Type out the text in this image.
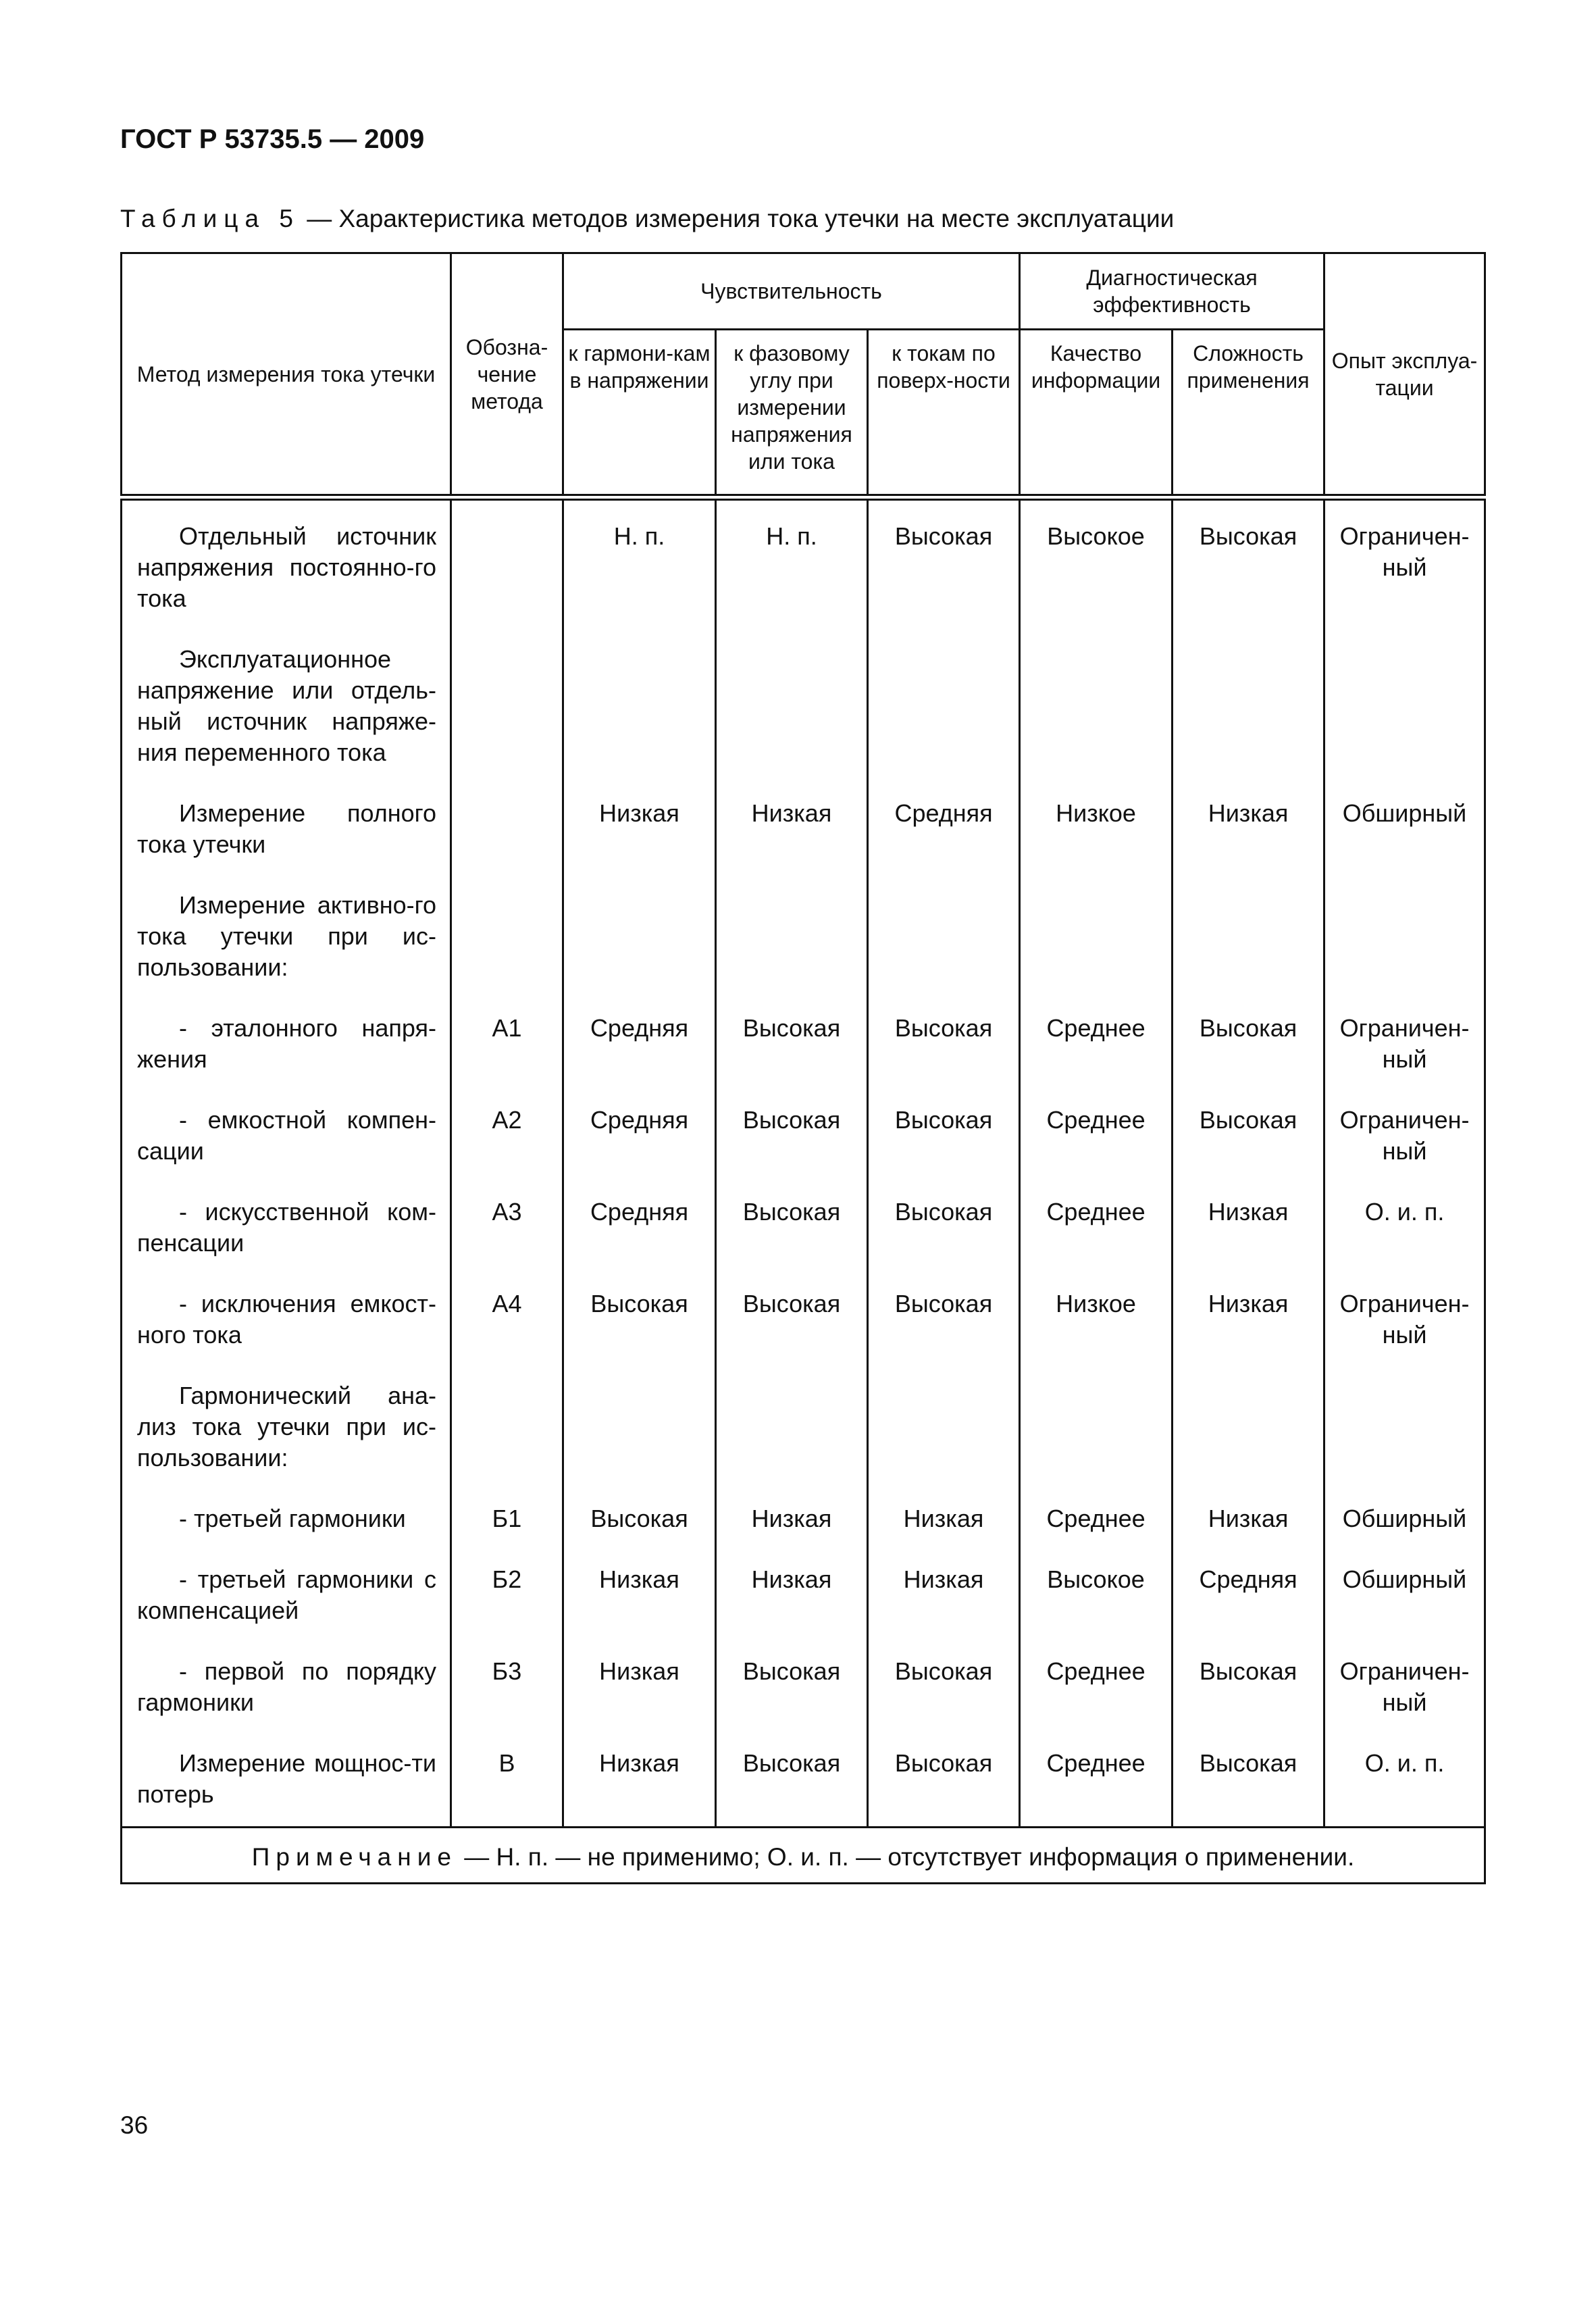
ГОСТ Р 53735.5 — 2009

Таблица 5 — Характеристика методов измерения тока утечки на месте эксплуатации

Метод измерения тока утечки	Обозна-чение метода	Чувствительность			Диагностическая эффективность		Опыт эксплуа-тации
		к гармони-кам в напряжении	к фазовому углу при измерении напряжения или тока	к токам по поверх-ности	Качество информации	Сложность применения	

Отдельный источник напряжения постоянно-го тока		Н. п.	Н. п.	Высокая	Высокое	Высокая	Ограничен-ный

Эксплуатационное напряжение или отдель-ный источник напряже-ния переменного тока							

Измерение полного тока утечки		Низкая	Низкая	Средняя	Низкое	Низкая	Обширный

Измерение активно-го тока утечки при ис-пользовании:							

- эталонного напря-жения	А1	Средняя	Высокая	Высокая	Среднее	Высокая	Ограничен-ный

- емкостной компен-сации	А2	Средняя	Высокая	Высокая	Среднее	Высокая	Ограничен-ный

- искусственной ком-пенсации	А3	Средняя	Высокая	Высокая	Среднее	Низкая	О. и. п.

- исключения емкост-ного тока	А4	Высокая	Высокая	Высокая	Низкое	Низкая	Ограничен-ный

Гармонический ана-лиз тока утечки при ис-пользовании:							

- третьей гармоники	Б1	Высокая	Низкая	Низкая	Среднее	Низкая	Обширный

- третьей гармоники с компенсацией	Б2	Низкая	Низкая	Низкая	Высокое	Средняя	Обширный

- первой по порядку гармоники	Б3	Низкая	Высокая	Высокая	Среднее	Высокая	Ограничен-ный

Измерение мощнос-ти потерь	В	Низкая	Высокая	Высокая	Среднее	Высокая	О. и. п.
Примечание — Н. п. — не применимо; О. и. п. — отсутствует информация о применении.							
36
